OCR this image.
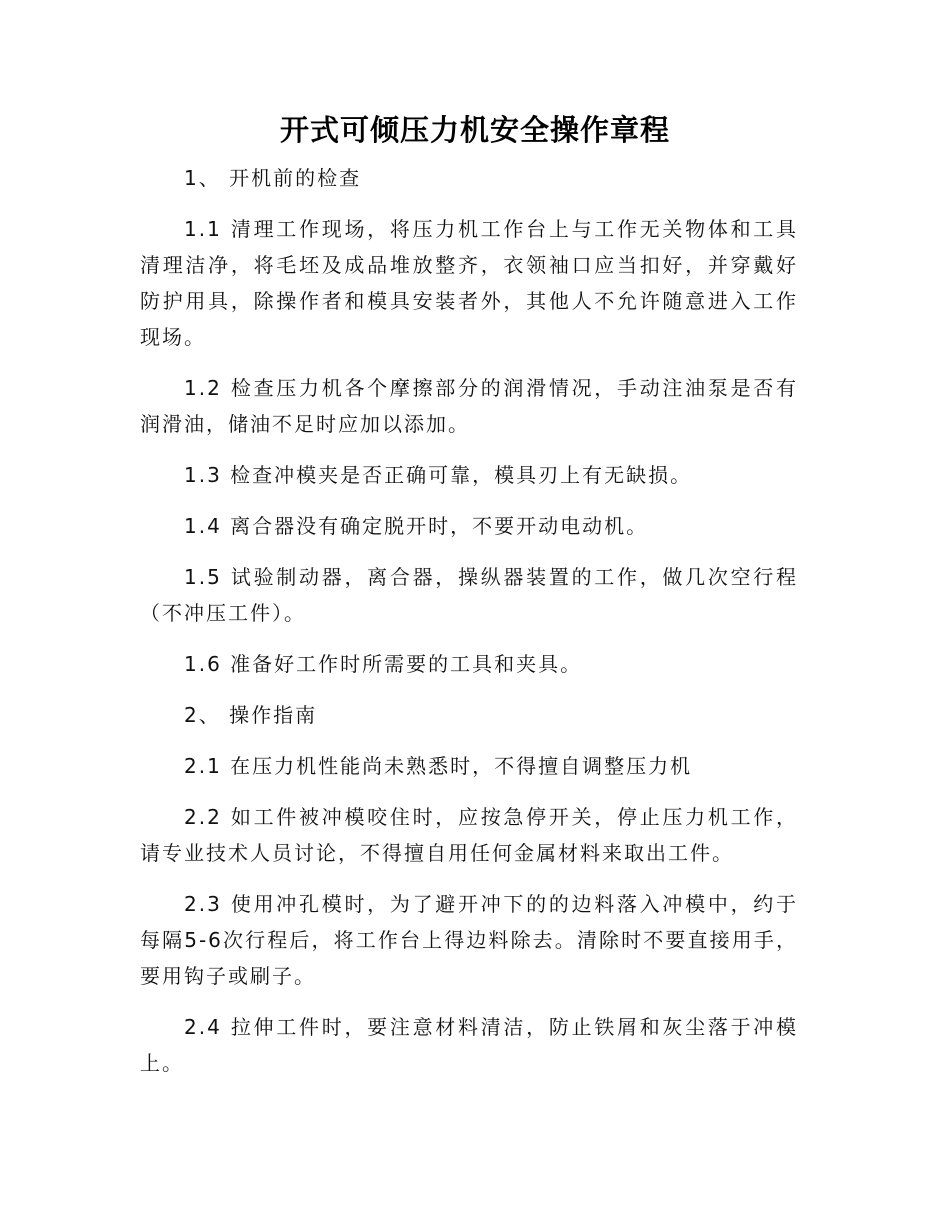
开式可倾压力机安全操作章程

1、 开机前的检查

1.1 清理工作现场，将压力机工作台上与工作无关物体和工具清理洁净，将毛坯及成品堆放整齐，衣领袖口应当扣好，并穿戴好防护用具，除操作者和模具安装者外，其他人不允许随意进入工作现场。

1.2 检查压力机各个摩擦部分的润滑情况，手动注油泵是否有润滑油，储油不足时应加以添加。

1.3 检查冲模夹是否正确可靠，模具刃上有无缺损。

1.4 离合器没有确定脱开时，不要开动电动机。

1.5 试验制动器，离合器，操纵器装置的工作，做几次空行程（不冲压工件）。

1.6 准备好工作时所需要的工具和夹具。

2、 操作指南

2.1 在压力机性能尚未熟悉时，不得擅自调整压力机

2.2 如工件被冲模咬住时，应按急停开关，停止压力机工作，请专业技术人员讨论，不得擅自用任何金属材料来取出工件。

2.3 使用冲孔模时，为了避开冲下的的边料落入冲模中，约于每隔5-6次行程后，将工作台上得边料除去。清除时不要直接用手，要用钩子或刷子。

2.4 拉伸工件时，要注意材料清洁，防止铁屑和灰尘落于冲模上。
